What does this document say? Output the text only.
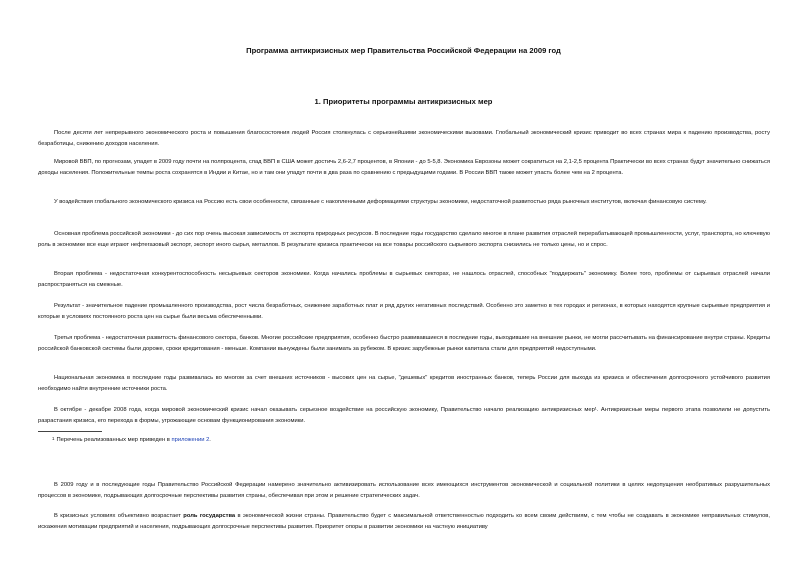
Программа антикризисных мер Правительства Российской Федерации на 2009 год
1. Приоритеты программы антикризисных мер

После десяти лет непрерывного экономического роста и повышения благосостояния людей Россия столкнулась с серьезнейшими экономическими вызовами. Глобальный экономический кризис приводит во всех странах мира к падению производства, росту безработицы, снижению доходов населения.

Мировой ВВП, по прогнозам, упадет в 2009 году почти на полпроцента, спад ВВП в США может достичь 2,6-2,7 процентов, в Японии - до 5-5,8. Экономика Еврозоны может сократиться на 2,1-2,5 процента Практически во всех странах будут значительно снижаться доходы населения. Положительные темпы роста сохранятся в Индии и Китае, но и там они упадут почти в два раза по сравнению с предыдущими годами. В России ВВП также может упасть более чем на 2 процента.

У воздействия глобального экономического кризиса на Россию есть свои особенности, связанные с накопленными деформациями структуры экономики, недостаточной развитостью ряда рыночных институтов, включая финансовую систему.

Основная проблема российской экономики - до сих пор очень высокая зависимость от экспорта природных ресурсов. В последние годы государство сделало многое в плане развития отраслей перерабатывающей промышленности, услуг, транспорта, но ключевую роль в экономике все еще играют нефтегазовый экспорт, экспорт иного сырья, металлов. В результате кризиса практически на все товары российского сырьевого экспорта снизились не только цены, но и спрос.

Вторая проблема - недостаточная конкурентоспособность несырьевых секторов экономики. Когда начались проблемы в сырьевых секторах, не нашлось отраслей, способных "поддержать" экономику. Более того, проблемы от сырьевых отраслей начали распространяться на смежные.

Результат - значительное падение промышленного производства, рост числа безработных, снижение заработных плат и ряд других негативных последствий. Особенно это заметно в тех городах и регионах, в которых находятся крупные сырьевые предприятия и которые в условиях постоянного роста цен на сырье были весьма обеспеченными.

Третья проблема - недостаточная развитость финансового сектора, банков. Многие российские предприятия, особенно быстро развивавшиеся в последние годы, выходившие на внешние рынки, не могли рассчитывать на финансирование внутри страны. Кредиты российской банковской системы были дороже, сроки кредитования - меньше. Компании вынуждены были занимать за рубежом. В кризис зарубежные рынки капитала стали для предприятий недоступными.

Национальная экономика в последние годы развивалась во многом за счет внешних источников - высоких цен на сырье, "дешевых" кредитов иностранных банков, теперь России для выхода из кризиса и обеспечения долгосрочного устойчивого развития необходимо найти внутренние источники роста.

В октябре - декабре 2008 года, когда мировой экономический кризис начал оказывать серьезное воздействие на российскую экономику, Правительство начало реализацию антикризисных мер¹. Антикризисные меры первого этапа позволили не допустить разрастания кризиса, его перехода в формы, угрожающие основам функционирования экономики.

1 Перечень реализованных мер приведен в приложении 2.

В 2009 году и в последующие годы Правительство Российской Федерации намерено значительно активизировать использование всех имеющихся инструментов экономической и социальной политики в целях недопущения необратимых разрушительных процессов в экономике, подрывающих долгосрочные перспективы развития страны, обеспечивая при этом и решение стратегических задач.

В кризисных условиях объективно возрастает роль государства в экономической жизни страны. Правительство будет с максимальной ответственностью подходить ко всем своим действиям, с тем чтобы не создавать в экономике неправильных стимулов, искажения мотивации предприятий и населения, подрывающих долгосрочные перспективы развития. Приоритет опоры в развитии экономики на частную инициативу
